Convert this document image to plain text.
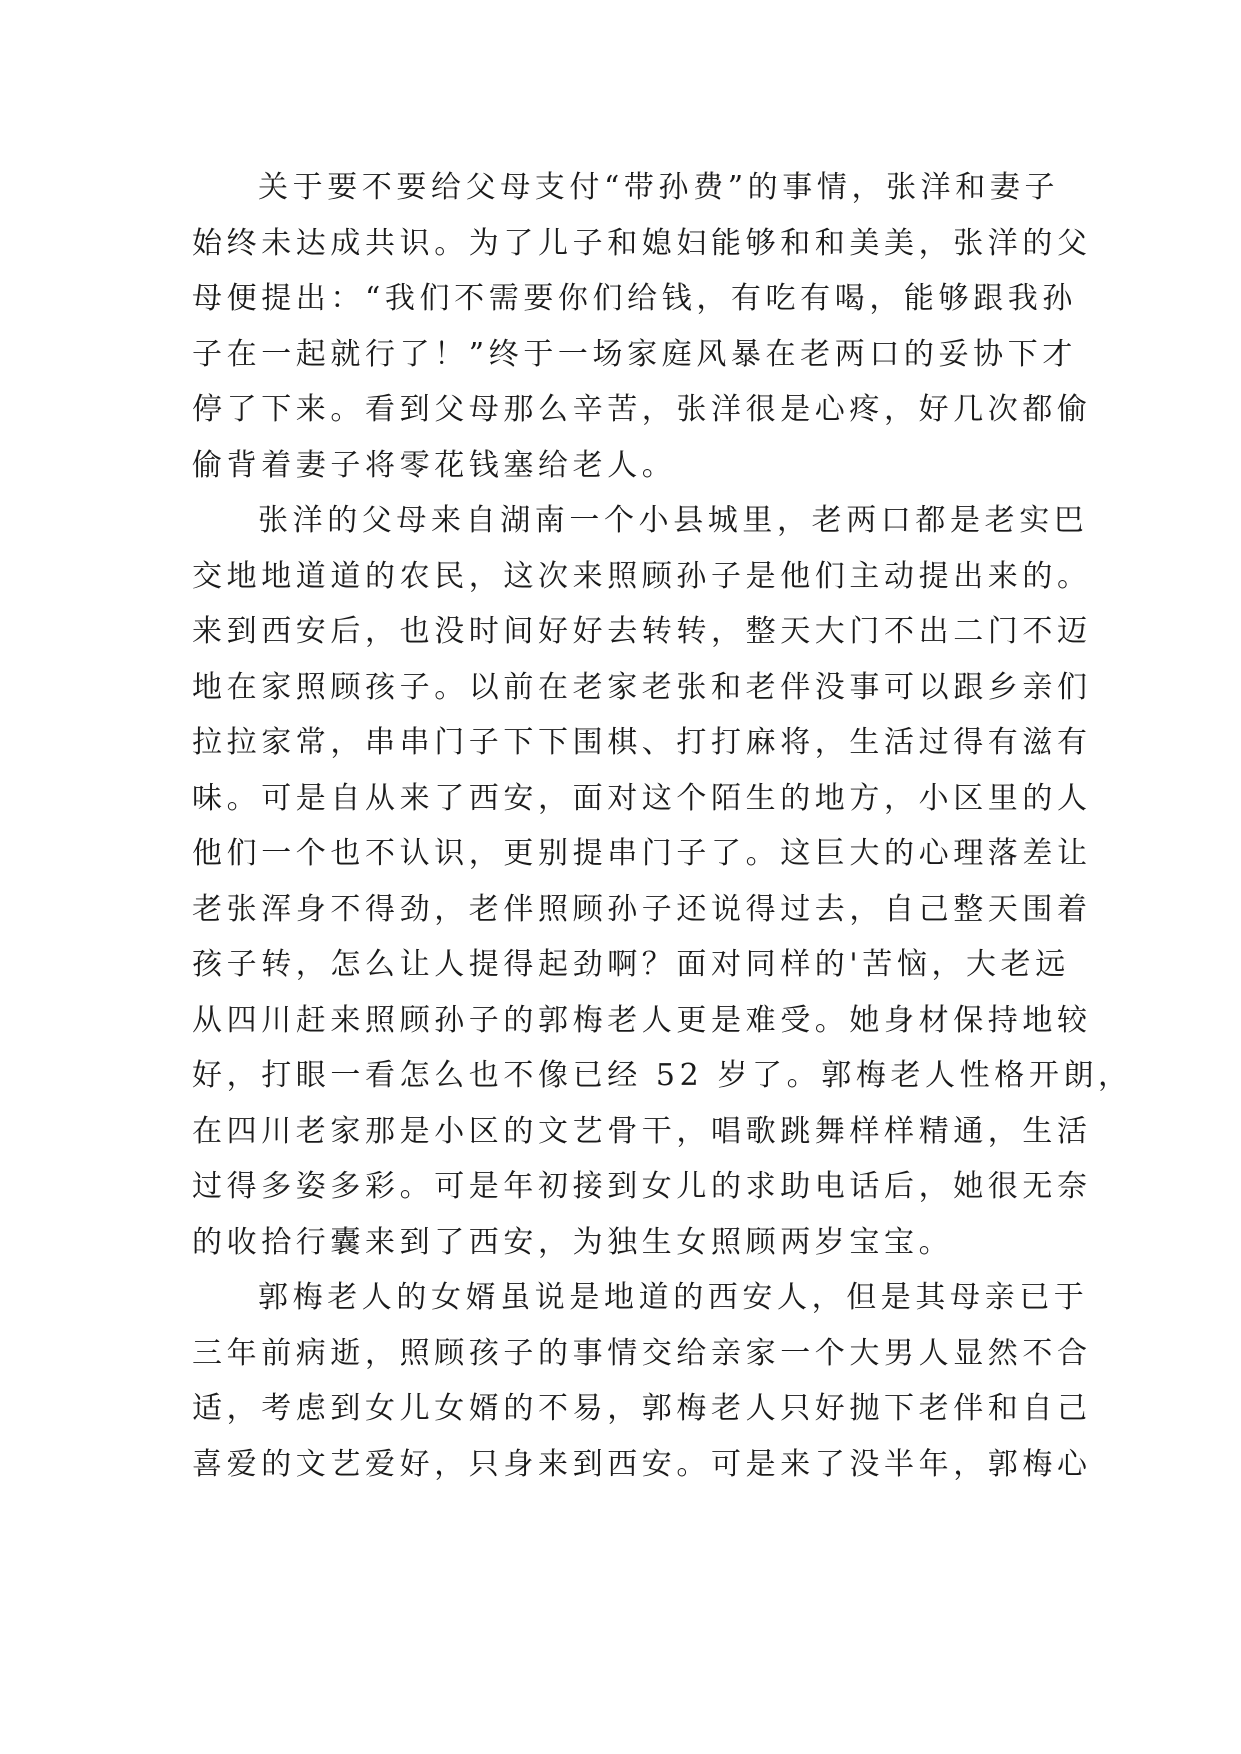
关于要不要给父母支付“带孙费”的事情，张洋和妻子
始终未达成共识。为了儿子和媳妇能够和和美美，张洋的父
母便提出：“我们不需要你们给钱，有吃有喝，能够跟我孙
子在一起就行了！”终于一场家庭风暴在老两口的妥协下才
停了下来。看到父母那么辛苦，张洋很是心疼，好几次都偷
偷背着妻子将零花钱塞给老人。
张洋的父母来自湖南一个小县城里，老两口都是老实巴
交地地道道的农民，这次来照顾孙子是他们主动提出来的。
来到西安后，也没时间好好去转转，整天大门不出二门不迈
地在家照顾孩子。以前在老家老张和老伴没事可以跟乡亲们
拉拉家常，串串门子下下围棋、打打麻将，生活过得有滋有
味。可是自从来了西安，面对这个陌生的地方，小区里的人
他们一个也不认识，更别提串门子了。这巨大的心理落差让
老张浑身不得劲，老伴照顾孙子还说得过去，自己整天围着
孩子转，怎么让人提得起劲啊？面对同样的'苦恼，大老远
从四川赶来照顾孙子的郭梅老人更是难受。她身材保持地较
好，打眼一看怎么也不像已经 52 岁了。郭梅老人性格开朗，
在四川老家那是小区的文艺骨干，唱歌跳舞样样精通，生活
过得多姿多彩。可是年初接到女儿的求助电话后，她很无奈
的收拾行囊来到了西安，为独生女照顾两岁宝宝。
郭梅老人的女婿虽说是地道的西安人，但是其母亲已于
三年前病逝，照顾孩子的事情交给亲家一个大男人显然不合
适，考虑到女儿女婿的不易，郭梅老人只好抛下老伴和自己
喜爱的文艺爱好，只身来到西安。可是来了没半年，郭梅心
